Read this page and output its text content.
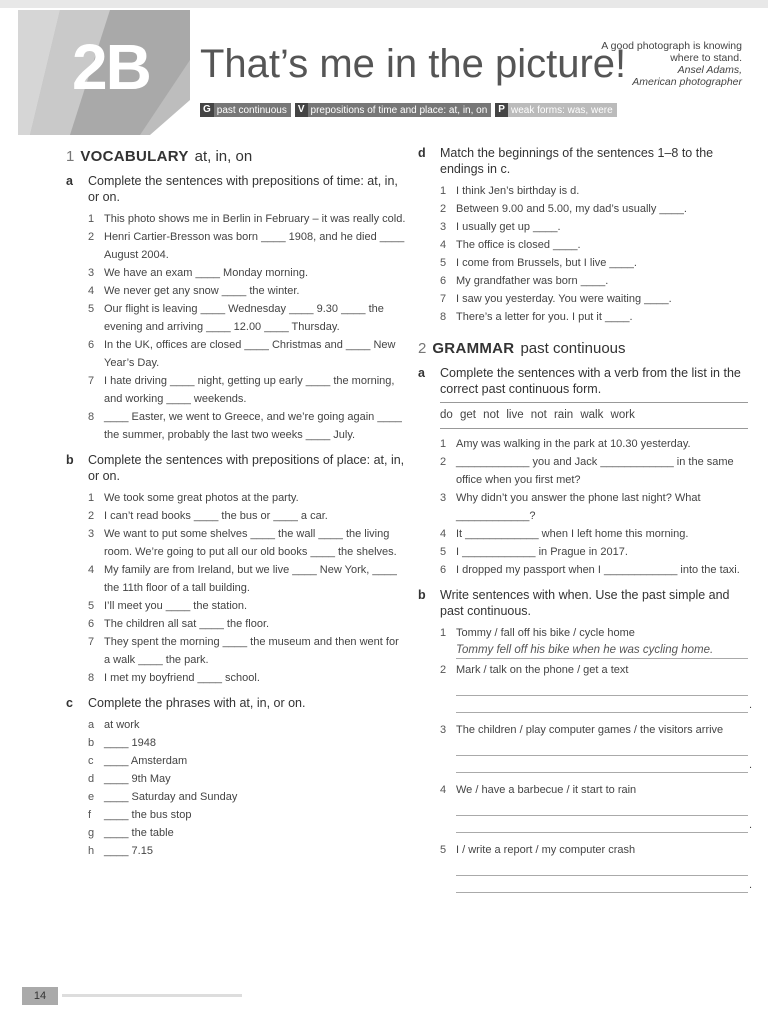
2B That’s me in the picture!
A good photograph is knowing where to stand.
Ansel Adams,
American photographer
G past continuous	V prepositions of time and place: at, in, on	P weak forms: was, were
1 VOCABULARY at, in, on
a Complete the sentences with prepositions of time: at, in, or on.
1 This photo shows me in Berlin in February – it was really cold.
2 Henri Cartier-Bresson was born ____ 1908, and he died ____ August 2004.
3 We have an exam ____ Monday morning.
4 We never get any snow ____ the winter.
5 Our flight is leaving ____ Wednesday ____ 9.30 ____ the evening and arriving ____ 12.00 ____ Thursday.
6 In the UK, offices are closed ____ Christmas and ____ New Year’s Day.
7 I hate driving ____ night, getting up early ____ the morning, and working ____ weekends.
8 ____ Easter, we went to Greece, and we’re going again ____ the summer, probably the last two weeks ____ July.
b Complete the sentences with prepositions of place: at, in, or on.
1 We took some great photos at the party.
2 I can’t read books ____ the bus or ____ a car.
3 We want to put some shelves ____ the wall ____ the living room. We’re going to put all our old books ____ the shelves.
4 My family are from Ireland, but we live ____ New York, ____ the 11th floor of a tall building.
5 I’ll meet you ____ the station.
6 The children all sat ____ the floor.
7 They spent the morning ____ the museum and then went for a walk ____ the park.
8 I met my boyfriend ____ school.
c Complete the phrases with at, in, or on.
a at work
b ____ 1948
c ____ Amsterdam
d ____ 9th May
e ____ Saturday and Sunday
f	____ the bus stop
g ____ the table
h ____ 7.15
d Match the beginnings of the sentences 1–8 to the endings in c.
1 I think Jen’s birthday is d.
2 Between 9.00 and 5.00, my dad’s usually ____.
3 I usually get up ____.
4 The office is closed ____.
5 I come from Brussels, but I live ____.
6 My grandfather was born ____.
7 I saw you yesterday. You were waiting ____.
8 There’s a letter for you. I put it ____.
2 GRAMMAR past continuous
a Complete the sentences with a verb from the list in the correct past continuous form.
do get not live not rain walk work
1 Amy was walking in the park at 10.30 yesterday.
2 ____________ you and Jack ____________ in the same office when you first met?
3 Why didn’t you answer the phone last night? What ____________?
4 It ____________ when I left home this morning.
5 I ____________ in Prague in 2017.
6 I dropped my passport when I ____________ into the taxi.
b Write sentences with when. Use the past simple and past continuous.
1 Tommy / fall off his bike / cycle home
Tommy fell off his bike when he was cycling home.
2 Mark / talk on the phone / get a text
.
3 The children / play computer games / the visitors arrive
.
4 We / have a barbecue / it start to rain
.
5 I / write a report / my computer crash
.
14
